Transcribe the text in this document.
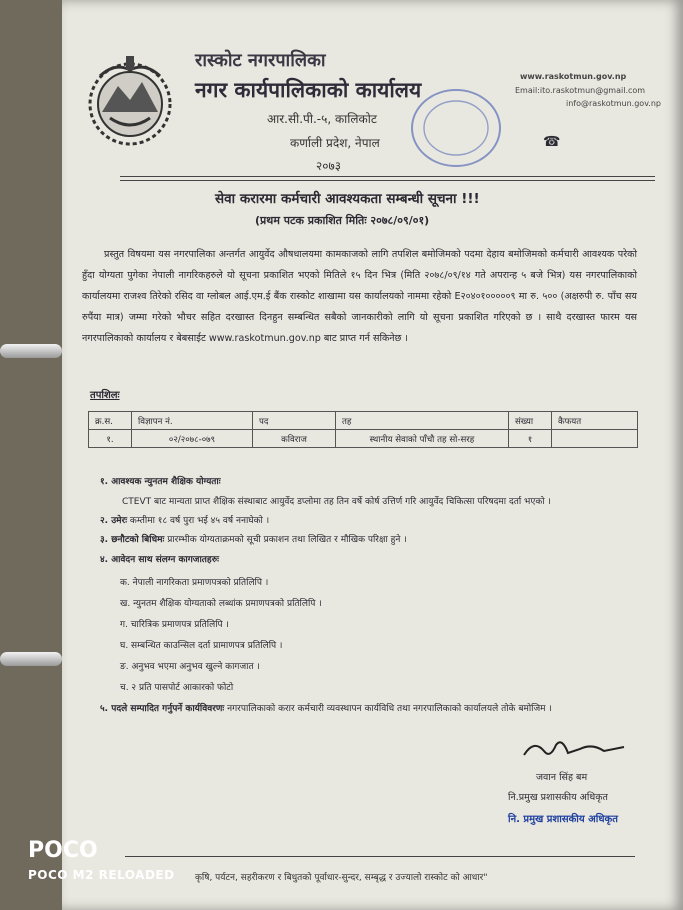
रास्कोट नगरपालिका
नगर कार्यपालिकाको कार्यालय
आर.सी.पी.-५, कालिकोट
कर्णाली प्रदेश, नेपाल
२०७३
www.raskotmun.gov.np
Email:ito.raskotmun@gmail.com
info@raskotmun.gov.np
☎
सेवा करारमा कर्मचारी आवश्यकता सम्बन्धी सूचना !!!
(प्रथम पटक प्रकाशित मितिः २०७८/०९/०१)
प्रस्तुत विषयमा यस नगरपालिका अन्तर्गत आयुर्वेद औषधालयमा कामकाजको लागि तपशिल बमोजिमको पदमा देहाय बमोजिमको कर्मचारी आवश्यक परेको हुँदा योग्यता पुगेका नेपाली नागरिकहरुले यो सूचना प्रकाशित भएको मितिले १५ दिन भित्र (मिति २०७८/०९/१४ गते अपरान्ह ५ बजे भित्र) यस नगरपालिकाको कार्यालयमा राजश्व तिरेको रसिद वा ग्लोबल आई.एम.ई बैंक रास्कोट शाखामा यस कार्यालयको नाममा रहेको E२०४०१०००००९ मा रु. ५०० (अक्षरुपी रु. पाँच सय रुपैंया मात्र) जम्मा गरेको भौचर सहित दरखास्त दिनहुन सम्बन्धित सबैको जानकारीको लागि यो सूचना प्रकाशित गरिएको छ । साथै दरखास्त फारम यस नगरपालिकाको कार्यालय र बेबसाईट www.raskotmun.gov.np बाट प्राप्त गर्न सकिनेछ ।
तपशिलः
क्र.स.	विज्ञापन नं.	पद	तह	संख्या	कैफयत
१.	०२/२०७८-०७९	कविराज	स्थानीय सेवाको पाँचौ तह सो-सरह	१	
१. आवश्यक न्युनतम शैक्षिक योग्यताः
CTEVT बाट मान्यता प्राप्त शैक्षिक संस्थाबाट आयुर्वेद डप्लोमा तह तिन वर्षे कोर्ष उत्तिर्ण गरि आयुर्वेद चिकित्सा परिषदमा दर्ता भएको ।
२. उमेरः कम्तीमा १८ वर्ष पुरा भई ४५ वर्ष ननाघेको ।
३. छनौटको बिधिमः प्रारम्भीक योग्यताक्रमको सूची प्रकाशन तथा लिखित र मौखिक परिक्षा हुने ।
४. आवेदन साथ संलग्न कागजातहरुः
क. नेपाली नागरिकता प्रमाणपत्रको प्रतिलिपि ।
ख. न्युनतम शैक्षिक योग्यताको लब्धांक प्रमाणपत्रको प्रतिलिपि ।
ग. चारित्रिक प्रमाणपत्र प्रतिलिपि ।
घ. सम्बन्धित काउन्सिल दर्ता प्रामाणपत्र प्रतिलिपि ।
ङ. अनुभव भएमा अनुभव खुल्ने कागजात ।
च. २ प्रति पासपोर्ट आकारको फोटो
५. पदले सम्पादित गर्नुपर्ने कार्यविवरणः नगरपालिकाको करार कर्मचारी व्यवस्थापन कार्यविधि तथा नगरपालिकाको कार्यालयले तोके बमोजिम ।
जवान सिंह बम
नि.प्रमुख प्रशासकीय अधिकृत
नि. प्रमुख प्रशासकीय अधिकृत
कृषि, पर्यटन, सहरीकरण र बिधुतको पूर्वाधार-सुन्दर, सम्बृद्ध र उज्यालो रास्कोट को आधार"
POCO
POCO M2 RELOADED
